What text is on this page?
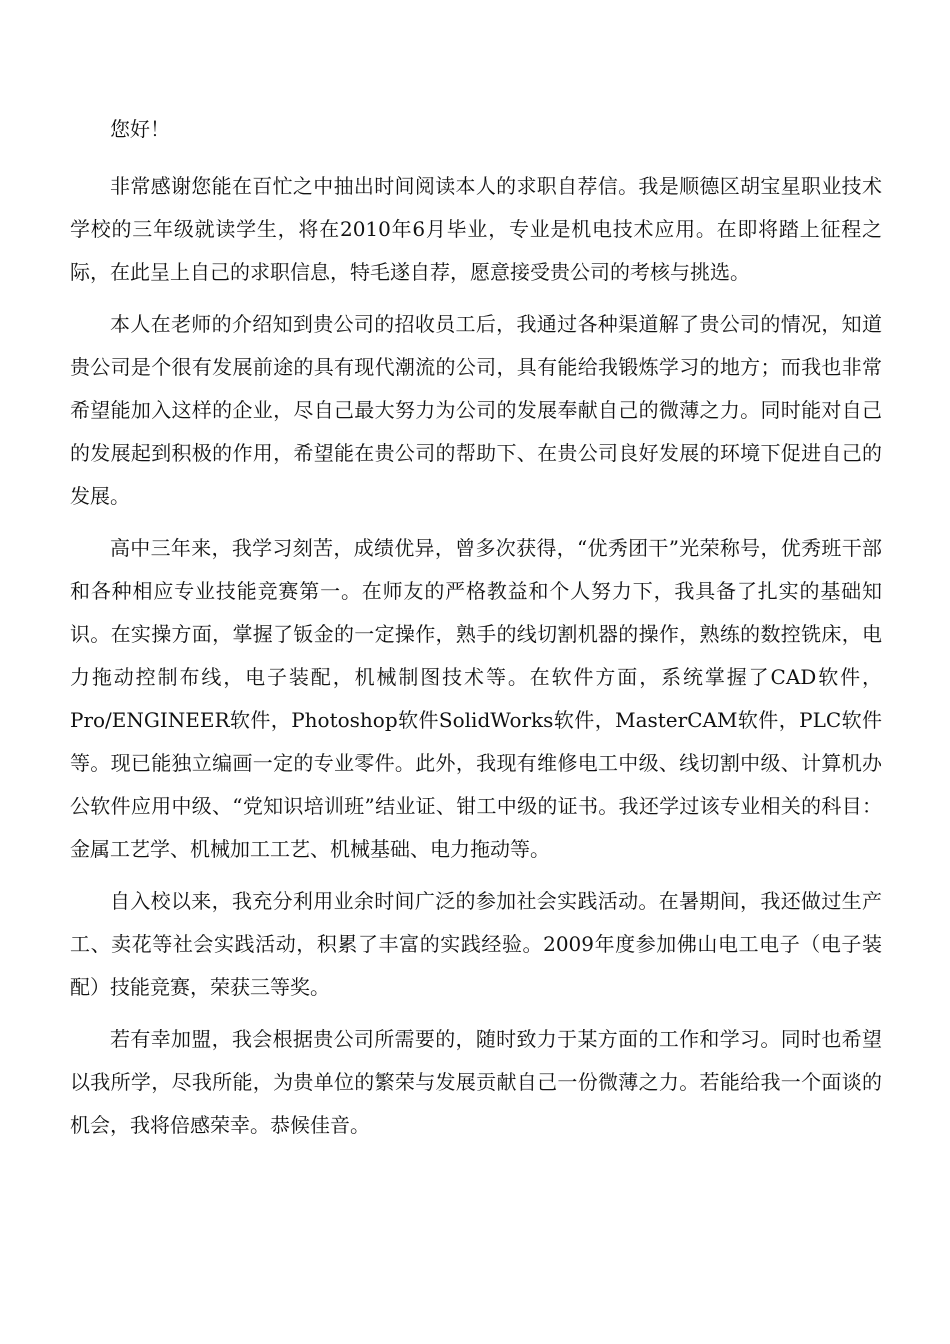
您好！

非常感谢您能在百忙之中抽出时间阅读本人的求职自荐信。我是顺德区胡宝星职业技术学校的三年级就读学生，将在2010年6月毕业，专业是机电技术应用。在即将踏上征程之际，在此呈上自己的求职信息，特毛遂自荐，愿意接受贵公司的考核与挑选。

本人在老师的介绍知到贵公司的招收员工后，我通过各种渠道解了贵公司的情况，知道贵公司是个很有发展前途的具有现代潮流的公司，具有能给我锻炼学习的地方；而我也非常希望能加入这样的企业，尽自己最大努力为公司的发展奉献自己的微薄之力。同时能对自己的发展起到积极的作用，希望能在贵公司的帮助下、在贵公司良好发展的环境下促进自己的发展。

高中三年来，我学习刻苦，成绩优异，曾多次获得，“优秀团干”光荣称号，优秀班干部和各种相应专业技能竞赛第一。在师友的严格教益和个人努力下，我具备了扎实的基础知识。在实操方面，掌握了钣金的一定操作，熟手的线切割机器的操作，熟练的数控铣床，电力拖动控制布线，电子装配，机械制图技术等。在软件方面，系统掌握了CAD软件，Pro/ENGINEER软件，Photoshop软件SolidWorks软件，MasterCAM软件，PLC软件等。现已能独立编画一定的专业零件。此外，我现有维修电工中级、线切割中级、计算机办公软件应用中级、“党知识培训班”结业证、钳工中级的证书。我还学过该专业相关的科目：金属工艺学、机械加工工艺、机械基础、电力拖动等。

自入校以来，我充分利用业余时间广泛的参加社会实践活动。在暑期间，我还做过生产工、卖花等社会实践活动，积累了丰富的实践经验。2009年度参加佛山电工电子（电子装配）技能竞赛，荣获三等奖。

若有幸加盟，我会根据贵公司所需要的，随时致力于某方面的工作和学习。同时也希望以我所学，尽我所能，为贵单位的繁荣与发展贡献自己一份微薄之力。若能给我一个面谈的机会，我将倍感荣幸。恭候佳音。
